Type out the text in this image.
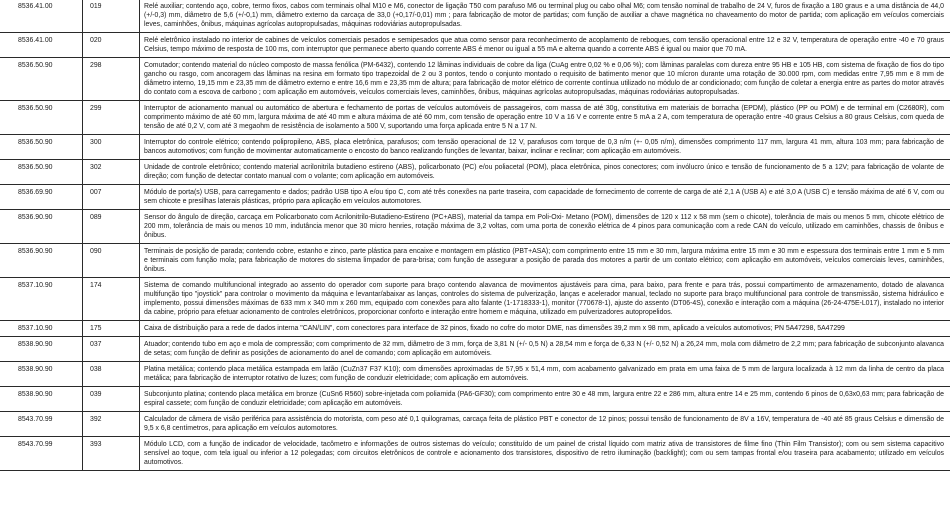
8536.41.00	019	Relé auxiliar; contendo aço, cobre, termo fixos, cabos com terminais olhal M10 e M6, conector de ligação T50 com parafuso M6 ou terminal plug ou cabo olhal M6; com tensão nominal de trabalho de 24 V, furos de fixação a 180 graus e a uma distância de 44,0 (+/-0,3) mm, diâmetro de 5,6 (+/-0,1) mm, diâmetro externo da carcaça de 33,0 (+0,17/-0,01) mm ; para fabricação de motor de partidas; com função de auxiliar a chave magnética no chaveamento do motor de partida; com aplicação em veículos comerciais leves, caminhões, ônibus, máquinas agrícolas autopropulsadas, máquinas rodoviárias autopropulsadas.
8536.41.00	020	Relé eletrônico instalado no interior de cabines de veículos comerciais pesados e semipesados que atua como sensor para reconhecimento de acoplamento de reboques, com tensão operacional entre 12 e 32 V, temperatura de operação entre -40 e 70 graus Celsius, tempo máximo de resposta de 100 ms, com interruptor que permanece aberto quando corrente ABS é menor ou igual a 55 mA e alterna quando a corrente ABS é igual ou maior que 70 mA.
8536.50.90	298	Comutador; contendo material do núcleo composto de massa fenólica (PM-6432), contendo 12 lâminas individuais de cobre da liga (CuAg entre 0,02 % e 0,06 %); com lâminas paralelas com dureza entre 95 HB e 105 HB, com sistema de fixação de fios do tipo gancho ou rasgo, com ancoragem das lâminas na resina em formato tipo trapezoidal de 2 ou 3 pontos, tendo o conjunto montado o requisito de batimento menor que 10 mícron durante uma rotação de 30.000 rpm, com medidas entre 7,95 mm e 8 mm de diâmetro interno, 19,15 mm e 23,35 mm de diâmetro externo e entre 16,6 mm e 23,35 mm de altura; para fabricação de motor elétrico de corrente contínua utilizado no módulo de ar condicionado; com função de coletar a energia entre as partes do motor através do contato com a escova de carbono ; com aplicação em automóveis, veículos comerciais leves, caminhões, ônibus, máquinas agrícolas autopropulsadas, máquinas rodoviárias autopropulsadas.
8536.50.90	299	Interruptor de acionamento manual ou automático de abertura e fechamento de portas de veículos automóveis de passageiros, com massa de até 30g, constitutiva em materiais de borracha (EPDM), plástico (PP ou POM) e de terminal em (C2680R), com comprimento máximo de até 60 mm, largura máxima de até 40 mm e altura máxima de até 60 mm, com tensão de operação entre 10 V a 16 V e corrente entre 5 mA a 2 A, com temperatura de operação entre -40 graus Celsius a 80 graus Celsius, com queda de tensão de até 0,2 V, com até 3 megaohm de resistência de isolamento a 500 V, suportando uma força aplicada entre 5 N a 17 N.
8536.50.90	300	Interruptor do controle elétrico; contendo polipropileno, ABS, placa eletrônica, parafusos; com tensão operacional de 12 V, parafusos com torque de 0,3 n/m (+- 0,05 n/m), dimensões comprimento 117 mm, largura 41 mm, altura 103 mm; para fabricação de bancos automotivos; com função de movimentar automaticamente o encosto do banco realizando funções de levantar, baixar, inclinar e reclinar; com aplicação em automóveis.
8536.50.90	302	Unidade de controle eletrônico; contendo material acrilonitrila butadieno estireno (ABS), policarbonato (PC) e/ou poliacetal (POM), placa eletrônica, pinos conectores; com invólucro único e tensão de funcionamento de 5 a 12V; para fabricação de volante de direção; com função de detectar contato manual com o volante; com aplicação em automóveis.
8536.69.90	007	Módulo de porta(s) USB, para carregamento e dados; padrão USB tipo A e/ou tipo C, com até três conexões na parte traseira, com capacidade de fornecimento de corrente de carga de até 2,1 A (USB A) e até 3,0 A (USB C) e tensão máxima de até 6 V, com ou sem chicote e presilhas laterais plásticas, próprio para aplicação em veículos automotores.
8536.90.90	089	Sensor do ângulo de direção, carcaça em Policarbonato com Acrilonitrilo-Butadieno-Estireno (PC+ABS), material da tampa em Poli-Oxi- Metano (POM), dimensões de 120 x 112 x 58 mm (sem o chicote), tolerância de mais ou menos 5 mm, chicote elétrico de 200 mm, tolerância de mais ou menos 10 mm, indutância menor que 30 micro henries, rotação máxima de 3,2 voltas, com uma porta de conexão elétrica de 4 pinos para comunicação com a rede CAN do veículo, utilizado em caminhões, chassis de ônibus e ônibus.
8536.90.90	090	Terminais de posição de parada; contendo cobre, estanho e zinco, parte plástica para encaixe e montagem em plástico (PBT+ASA); com comprimento entre 15 mm e 30 mm, largura máxima entre 15 mm e 30 mm e espessura dos terminais entre 1 mm e 5 mm e terminais com função mola; para fabricação de motores do sistema limpador de para-brisa; com função de assegurar a posição de parada dos motores a partir de um contato elétrico; com aplicação em automóveis, veículos comerciais leves, caminhões, ônibus.
8537.10.90	174	Sistema de comando multifuncional integrado ao assento do operador com suporte para braço contendo alavanca de movimentos ajustáveis para cima, para baixo, para frente e para trás, possui compartimento de armazenamento, dotado de alavanca multifunção tipo "joystick" para controlar o movimento da máquina e levantar/abaixar as lanças, controles do sistema de pulverização, lanças e acelerador manual, teclado no suporte para braço multifuncional para controle de transmissão, sistema hidráulico e implemento, possui dimensões máximas de 633 mm x 340 mm x 260 mm, equipado com conexões para alto falante (1-1718333-1), monitor (770678-1), ajuste do assento (DT06-4S), conexão e interação com a máquina (26-24-475E-L017), instalado no interior da cabine, próprio para efetuar acionamento de controles eletrônicos, proporcionar conforto e interação entre homem e máquina, utilizado em pulverizadores autopropelidos.
8537.10.90	175	Caixa de distribuição para a rede de dados interna "CAN/LIN", com conectores para interface de 32 pinos, fixado no cofre do motor DME, nas dimensões 39,2 mm x 98 mm, aplicado a veículos automotivos; PN 5A47298, 5A47299
8538.90.90	037	Atuador; contendo tubo em aço e mola de compressão; com comprimento de 32 mm, diâmetro de 3 mm, força de 3,81 N (+/- 0,5 N) a 28,54 mm e força de 6,33 N (+/- 0,52 N) a 26,24 mm, mola com diâmetro de 2,2 mm; para fabricação de subconjunto alavanca de setas; com função de definir as posições de acionamento do anel de comando; com aplicação em automóveis.
8538.90.90	038	Platina metálica; contendo placa metálica estampada em latão (CuZn37 F37 K10); com dimensões aproximadas de 57,95 x 51,4 mm, com acabamento galvanizado em prata em uma faixa de 5 mm de largura localizada à 12 mm da linha de centro da placa metálica; para fabricação de interruptor rotativo de luzes; com função de conduzir eletricidade; com aplicação em automóveis.
8538.90.90	039	Subconjunto platina; contendo placa metálica em bronze (CuSn6 R560) sobre-injetada com poliamida (PA6-GF30); com comprimento entre 30 e 48 mm, largura entre 22 e 286 mm, altura entre 14 e 25 mm, contendo 6 pinos de 0,63x0,63 mm; para fabricação de espiral cassete; com função de conduzir eletricidade; com aplicação em automóveis.
8543.70.99	392	Calculador de câmera de visão periférica para assistência do motorista, com peso até 0,1 quilogramas, carcaça feita de plástico PBT e conector de 12 pinos; possui tensão de funcionamento de 8V a 16V, temperatura de -40 até 85 graus Celsius e dimensão de 9,5 x 6,8 centímetros, para aplicação em veículos automotores.
8543.70.99	393	Módulo LCD, com a função de indicador de velocidade, tacômetro e informações de outros sistemas do veículo; constituído de um painel de cristal líquido com matriz ativa de transistores de filme fino (Thin Film Transistor); com ou sem sistema capacitivo sensível ao toque, com tela igual ou inferior a 12 polegadas; com circuitos eletrônicos de controle e acionamento dos transistores, dispositivo de retro iluminação (backlight); com ou sem tampas frontal e/ou traseira para acabamento; utilizado em veículos automotivos.
